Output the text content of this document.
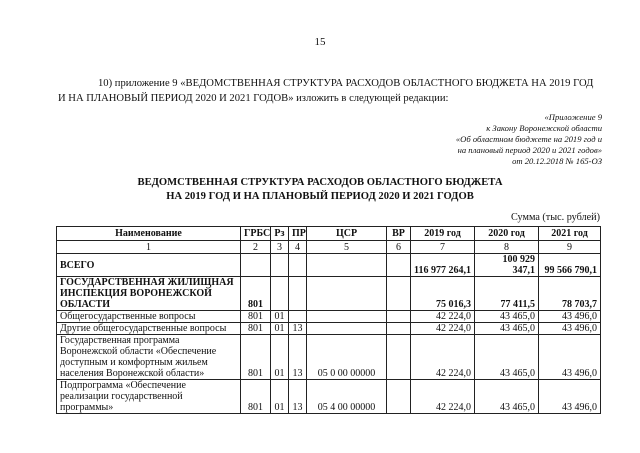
15
10) приложение 9 «ВЕДОМСТВЕННАЯ СТРУКТУРА РАСХОДОВ ОБЛАСТНОГО БЮДЖЕТА НА 2019 ГОД И НА ПЛАНОВЫЙ ПЕРИОД 2020 И 2021 ГОДОВ» изложить в следующей редакции:
«Приложение 9
к Закону Воронежской области
«Об областном бюджете на 2019 год и
на плановый период 2020 и 2021 годов»
от 20.12.2018 № 165-ОЗ
ВЕДОМСТВЕННАЯ СТРУКТУРА РАСХОДОВ ОБЛАСТНОГО БЮДЖЕТА
НА 2019 ГОД И НА ПЛАНОВЫЙ ПЕРИОД 2020 И 2021 ГОДОВ
Сумма (тыс. рублей)
Наименование	ГРБС	Рз	ПР	ЦСР	ВР	2019 год	2020 год	2021 год
1	2	3	4	5	6	7	8	9
ВСЕГО						116 977 264,1	100 929 347,1	99 566 790,1
ГОСУДАРСТВЕННАЯ ЖИЛИЩНАЯ ИНСПЕКЦИЯ ВОРОНЕЖСКОЙ ОБЛАСТИ	801					75 016,3	77 411,5	78 703,7
Общегосударственные вопросы	801	01				42 224,0	43 465,0	43 496,0
Другие общегосударственные вопросы	801	01	13			42 224,0	43 465,0	43 496,0
Государственная программа Воронежской области «Обеспечение доступным и комфортным жильем населения Воронежской области»	801	01	13	05 0 00 00000		42 224,0	43 465,0	43 496,0
Подпрограмма «Обеспечение реализации государственной программы»	801	01	13	05 4 00 00000		42 224,0	43 465,0	43 496,0
